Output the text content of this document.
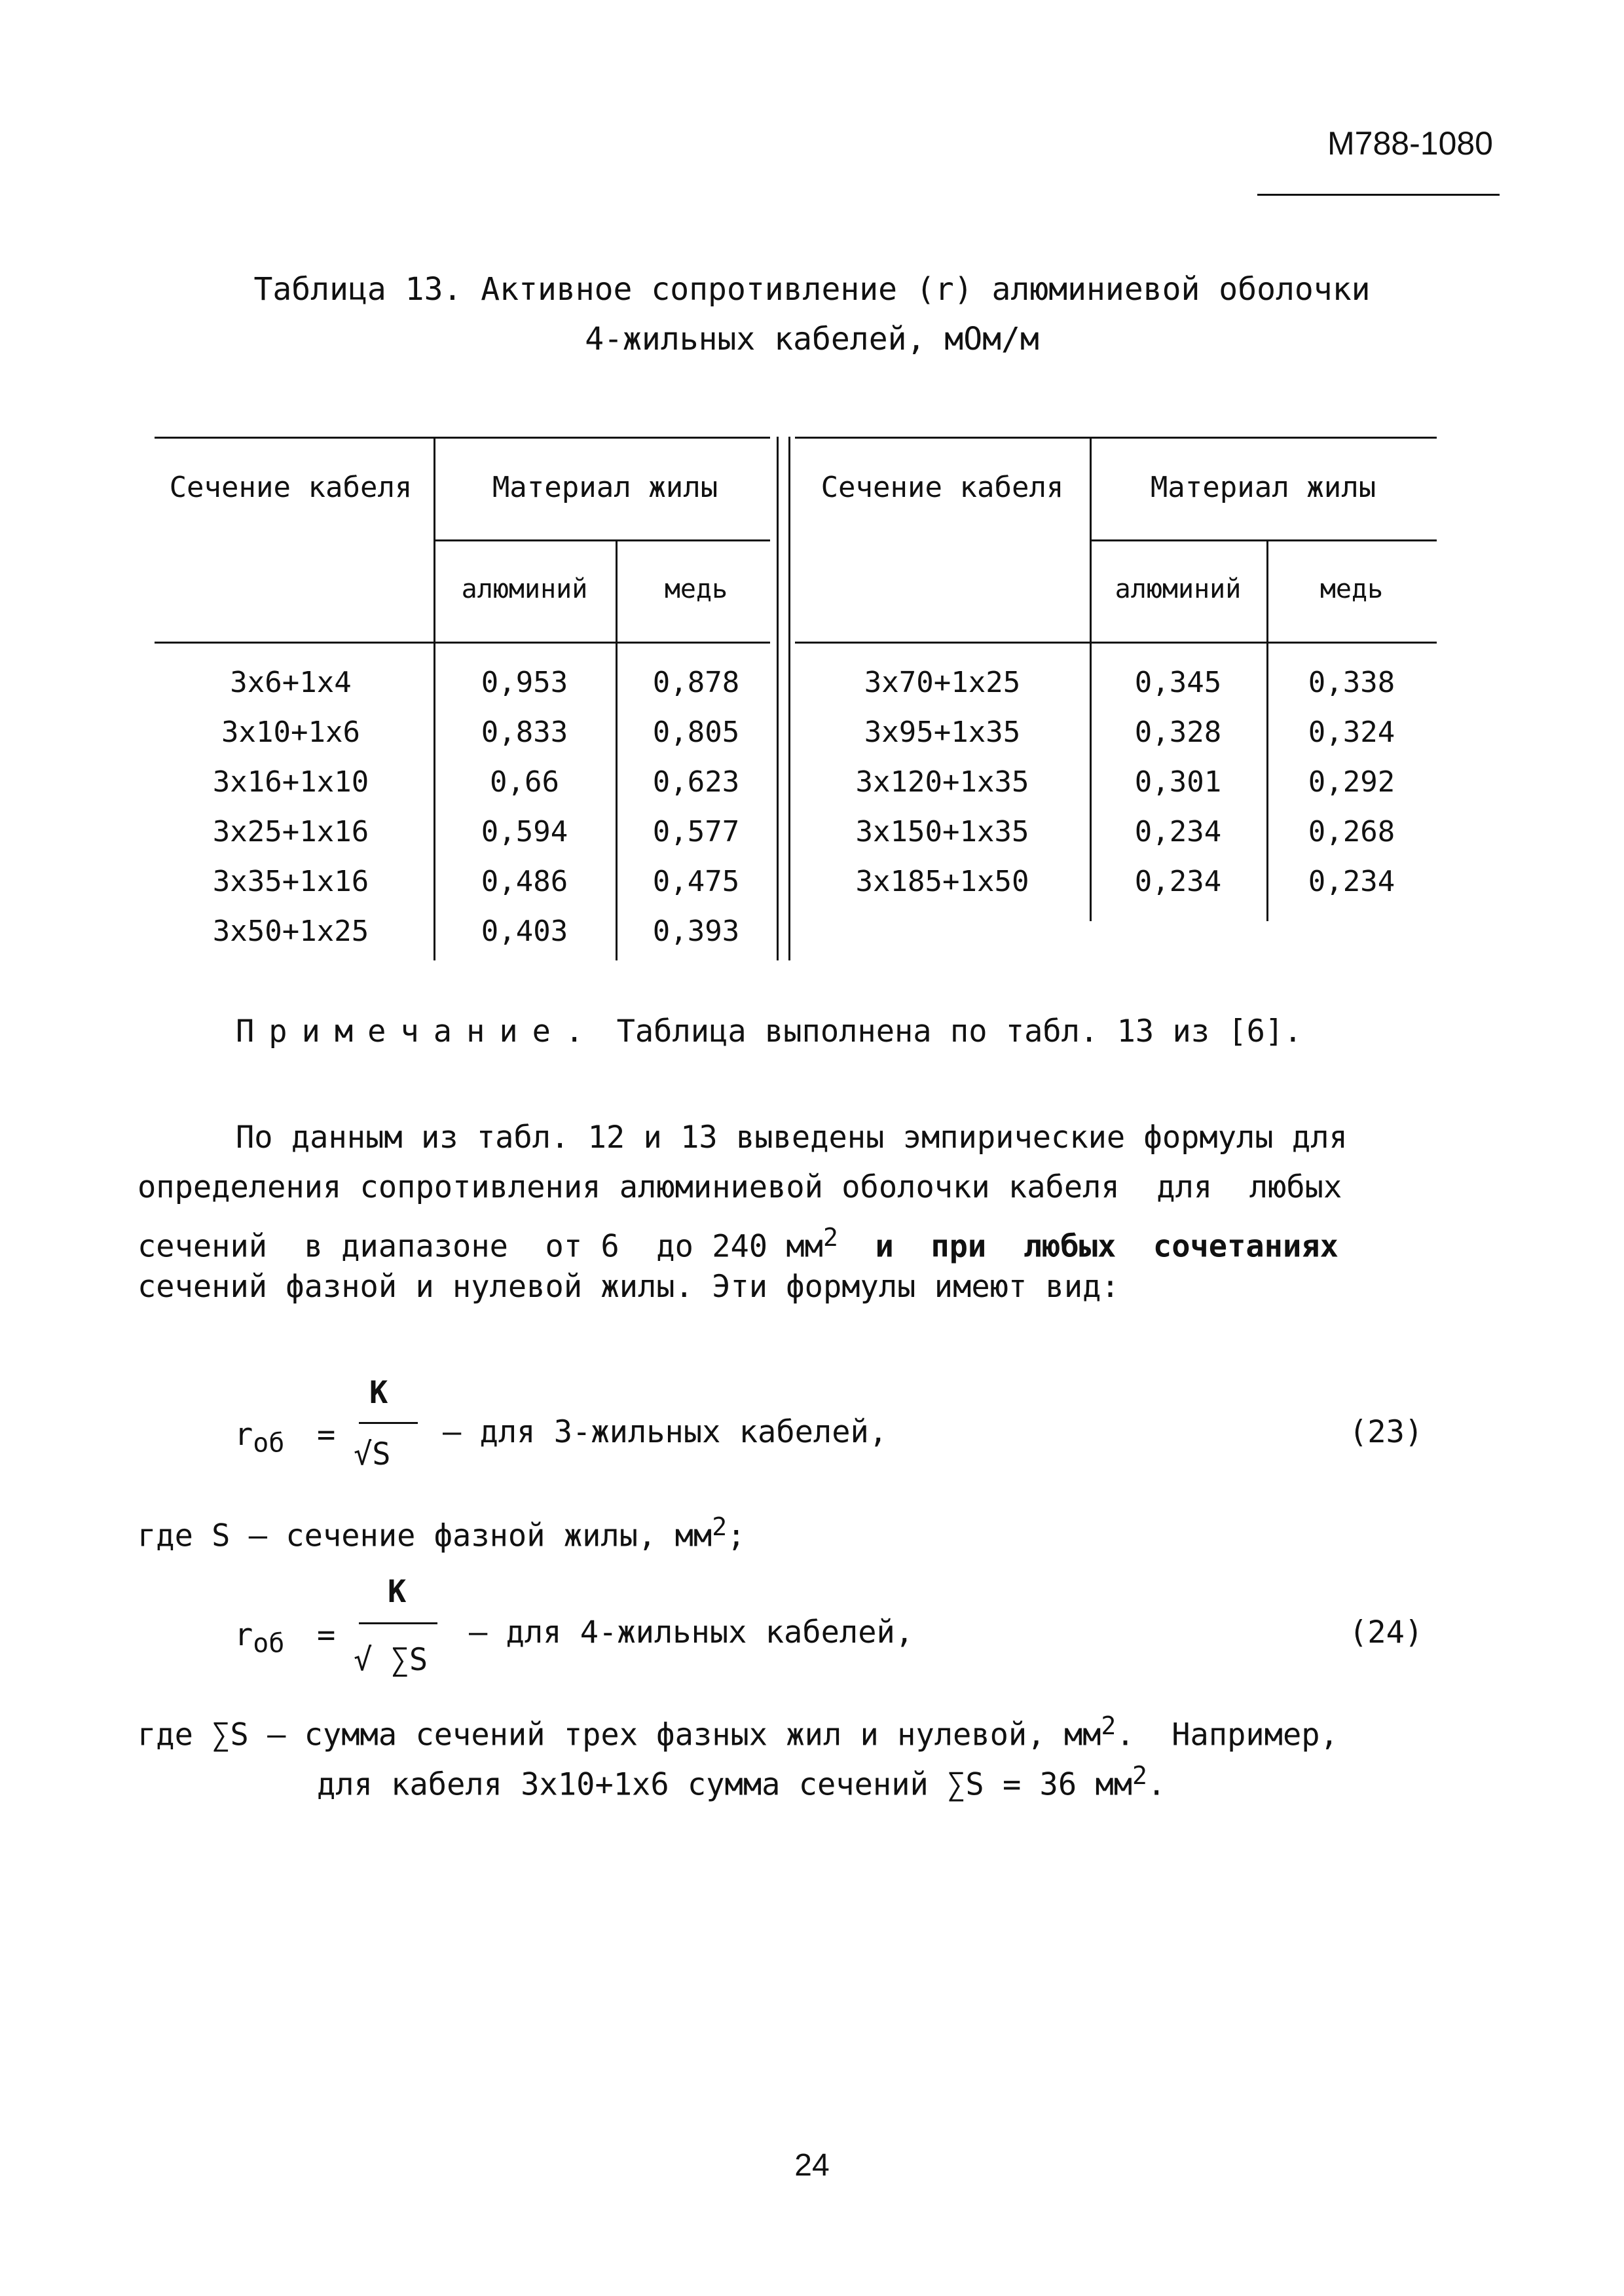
M788-1080
Таблица 13. Активное сопротивление (r) алюминиевой оболочки
4-жильных кабелей, мОм/м
Сечение кабеля	Материал жилы
алюминий	медь
Сечение кабеля	Материал жилы
алюминий	медь
3x6+1x4	0,953	0,878
3x10+1x6	0,833	0,805
3x16+1x10	0,66	0,623
3x25+1x16	0,594	0,577
3x35+1x16	0,486	0,475
3x50+1x25	0,403	0,393
3x70+1x25	0,345	0,338
3x95+1x35	0,328	0,324
3x120+1x35	0,301	0,292
3x150+1x35	0,234	0,268
3x185+1x50	0,234	0,234
Примечание. Таблица выполнена по табл. 13 из [6].
По данным из табл. 12 и 13 выведены эмпирические формулы для
определения сопротивления алюминиевой оболочки кабеля  для  любых
сечений  в диапазоне  от 6  до 240 $мм^2$  и  при  любых  сочетаниях
сечений фазной и нулевой жилы. Эти формулы имеют вид:
$r_{об}$ =
K
√S
– для 3-жильных кабелей,	(23)
где S – сечение фазной жилы, $мм^2$;
$r_{об}$ =
K
√ ∑S
– для 4-жильных кабелей,	(24)
где ∑S – сумма сечений трех фазных жил и нулевой, $мм^2$.  Например,
для кабеля 3x10+1x6 сумма сечений ∑S = 36 $мм^2$.
24
